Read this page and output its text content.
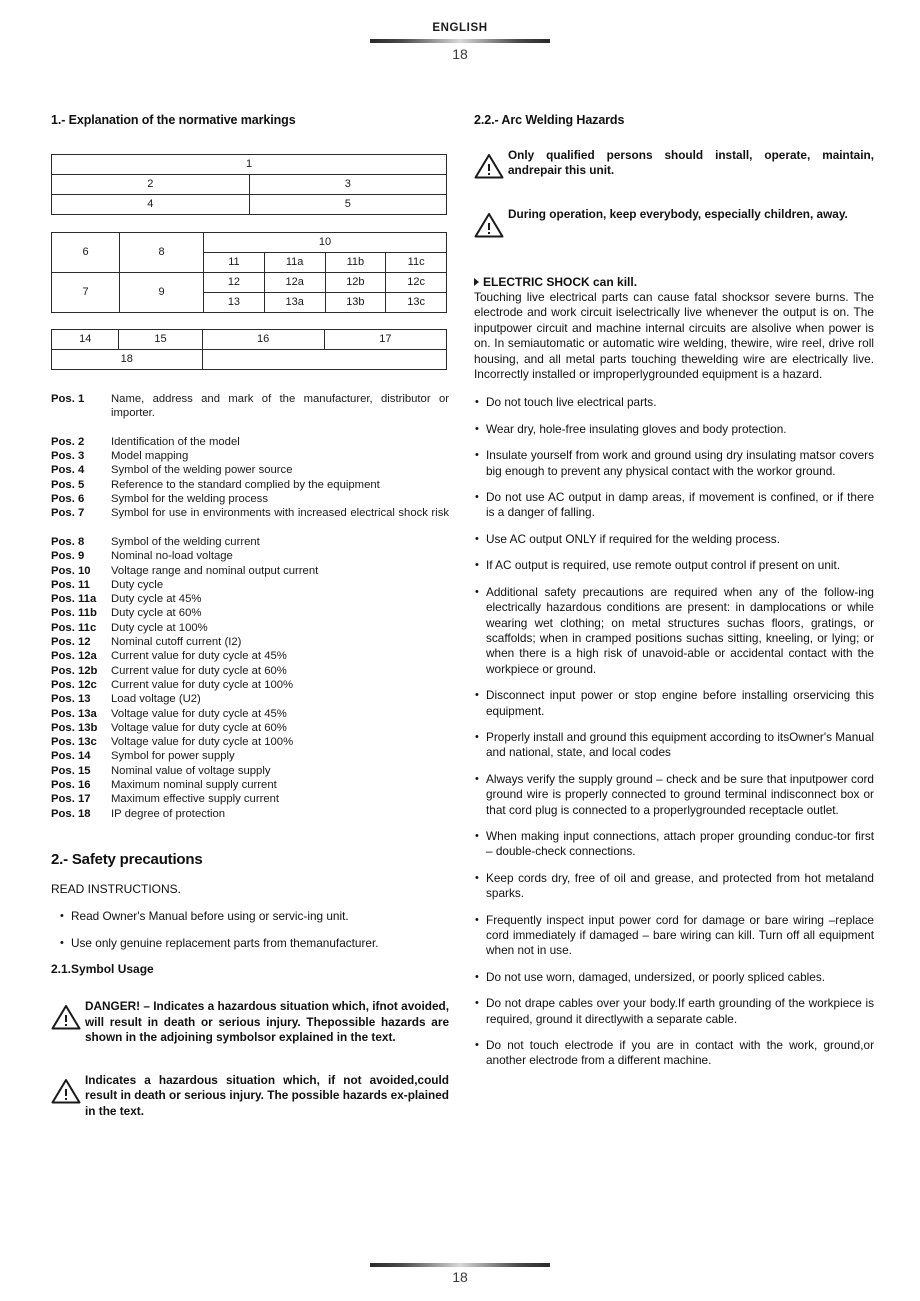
ENGLISH
18
1.- Explanation of the normative markings
1	
2	3
4	5
6	8	10			
		11	11a	11b	11c
7	9	12	12a	12b	12c
		13	13a	13b	13c
14	15	16	17
18			
Pos. 1	Name, address and mark of the manufacturer, distributor or importer.
Pos. 2	Identification of the model
Pos. 3	Model mapping
Pos. 4	Symbol of the welding power source
Pos. 5	Reference to the standard complied by the equipment
Pos. 6	Symbol for the welding process
Pos. 7	Symbol for use in environments with increased electrical shock risk
Pos. 8	Symbol of the welding current
Pos. 9	Nominal no-load voltage
Pos. 10	Voltage range and nominal output current
Pos. 11	Duty cycle
Pos. 11a	Duty cycle at 45%
Pos. 11b	Duty cycle at 60%
Pos. 11c	Duty cycle at 100%
Pos. 12	Nominal cutoff current (I2)
Pos. 12a	Current value for duty cycle at 45%
Pos. 12b	Current value for duty cycle at 60%
Pos. 12c	Current value for duty cycle at 100%
Pos. 13	Load voltage (U2)
Pos. 13a	Voltage value for duty cycle at 45%
Pos. 13b	Voltage value for duty cycle at 60%
Pos. 13c	Voltage value for duty cycle at 100%
Pos. 14	Symbol for power supply
Pos. 15	Nominal value of voltage supply
Pos. 16	Maximum nominal supply current
Pos. 17	Maximum effective supply current
Pos. 18	IP degree of protection
2.- Safety precautions

READ INSTRUCTIONS.

• Read Owner's Manual before using or servic-ing unit.
• Use only genuine replacement parts from themanufacturer.
2.1.Symbol Usage
DANGER! – Indicates a hazardous situation which, ifnot avoided, will result in death or serious injury. Thepossible hazards are shown in the adjoining symbolsor explained in the text.
Indicates a hazardous situation which, if not avoided,could result in death or serious injury. The possible hazards ex-plained in the text.
2.2.- Arc Welding Hazards
Only qualified persons should install, operate, maintain, andrepair this unit.
During operation, keep everybody, especially children, away.
ELECTRIC SHOCK can kill.

Touching live electrical parts can cause fatal shocksor severe burns. The electrode and work circuit iselectrically live whenever the output is on. The inputpower circuit and machine internal circuits are alsolive when power is on. In semiautomatic or automatic wire welding, thewire, wire reel, drive roll housing, and all metal parts touching thewelding wire are electrically live. Incorrectly installed or improperlygrounded equipment is a hazard.

• Do not touch live electrical parts.
• Wear dry, hole-free insulating gloves and body protection.
• Insulate yourself from work and ground using dry insulating matsor covers big enough to prevent any physical contact with the workor ground.
• Do not use AC output in damp areas, if movement is confined, or if there is a danger of falling.
• Use AC output ONLY if required for the welding process.
• If AC output is required, use remote output control if present on unit.
• Additional safety precautions are required when any of the follow-ing electrically hazardous conditions are present: in damplocations or while wearing wet clothing; on metal structures suchas floors, gratings, or scaffolds; when in cramped positions suchas sitting, kneeling, or lying; or when there is a high risk of unavoid-able or accidental contact with the workpiece or ground.
• Disconnect input power or stop engine before installing orservicing this equipment.
• Properly install and ground this equipment according to itsOwner's Manual and national, state, and local codes
• Always verify the supply ground – check and be sure that inputpower cord ground wire is properly connected to ground terminal indisconnect box or that cord plug is connected to a properlygrounded receptacle outlet.
• When making input connections, attach proper grounding conduc-tor first – double-check connections.
• Keep cords dry, free of oil and grease, and protected from hot metaland sparks.
• Frequently inspect input power cord for damage or bare wiring –replace cord immediately if damaged – bare wiring can kill. Turn off all equipment when not in use.
• Do not use worn, damaged, undersized, or poorly spliced cables.
• Do not drape cables over your body.If earth grounding of the workpiece is required, ground it directlywith a separate cable.
• Do not touch electrode if you are in contact with the work, ground,or another electrode from a different machine.
18
